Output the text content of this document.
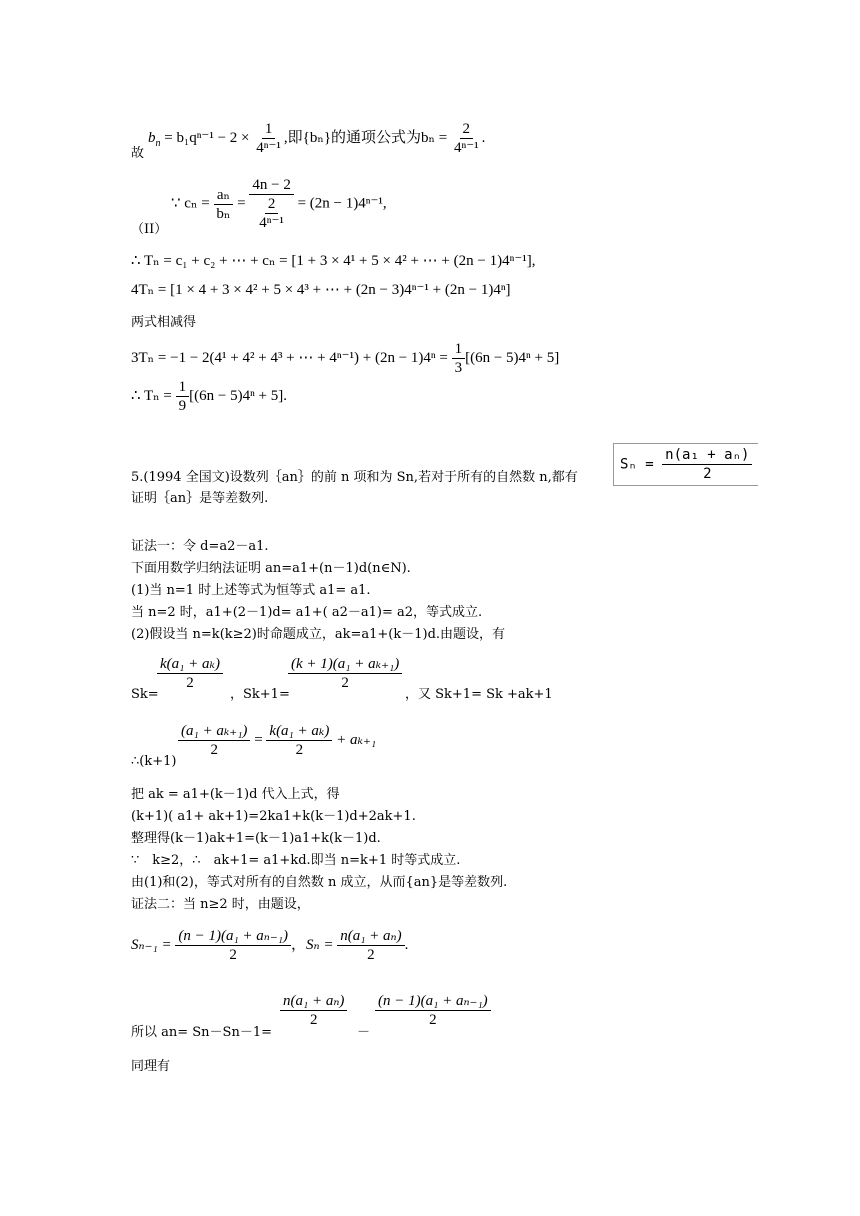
$b_n = b_1q^{n-1} - 2 \times \frac{1}{\text{4ⁿ⁻¹}}$ ,即{bₙ}的通项公式为$b_n = \frac{2}{\text{4ⁿ⁻¹}}$ .
故
∵ $c_n = \frac{\text{aₙ}}{\text{bₙ}} = \frac{4n - 2}{\frac{2}{\text{4ⁿ⁻¹}}} = (2n - 1)4^{n-1}$,
（II）
∴ Tₙ = c₁ + c₂ + ⋯ + cₙ = [1 + 3 × 4¹ + 5 × 4² + ⋯ + (2n − 1)4ⁿ⁻¹],
4Tₙ = [1 × 4 + 3 × 4² + 5 × 4³ + ⋯ + (2n − 3)4ⁿ⁻¹ + (2n − 1)4ⁿ]
两式相减得
3Tₙ = −1 − 2(4¹ + 4² + 4³ + ⋯ + $4^{n-1}) + (2n - 1)4^n = \frac{1}{3} [(6n - 5)4^n + 5]$
∴ $T_n = \frac{1}{9} [(6n - 5)4^n + 5]$.
5.(1994 全国文)设数列｛an｝的前 n 项和为 Sn,若对于所有的自然数 n,都有
$S_n = \frac{\text{n(a₁ + aₙ)}}{2}$
证明｛an｝是等差数列.
证法一：令 d=a2－a1.
下面用数学归纳法证明 an=a1+(n－1)d(n∈N).
(1)当 n=1 时上述等式为恒等式 a1= a1.
当 n=2 时，a1+(2－1)d= a1+( a2－a1)= a2，等式成立.
(2)假设当 n=k(k≥2)时命题成立，ak=a1+(k－1)d.由题设，有
Sk=
$\frac{\text{k(a₁ + aₖ)}}{2}$
，Sk+1=
$\frac{\text{(k + 1)(a₁ + aₖ₊₁)}}{2}$
，又 Sk+1= Sk +ak+1
∴(k+1)
$\frac{\text{(a₁ + aₖ₊₁)}}{2} = \frac{\text{k(a₁ + aₖ)}}{2} + a_{k+1}$
把 ak = a1+(k－1)d 代入上式，得
(k+1)( a1+ ak+1)=2ka1+k(k－1)d+2ak+1.
整理得(k－1)ak+1=(k－1)a1+k(k－1)d.
∵　k≥2，∴　ak+1= a1+kd.即当 n=k+1 时等式成立.
由(1)和(2)，等式对所有的自然数 n 成立，从而{an}是等差数列.
证法二：当 n≥2 时，由题设，
$S_{n-1} = \frac{\text{(n − 1)(a₁ + aₙ₋₁)}}{2}$ ，$S_n = \frac{\text{n(a₁ + aₙ)}}{2}$ .
所以 an= Sn－Sn－1=
$\frac{\text{n(a₁ + aₙ)}}{2}$
－
$\frac{\text{(n − 1)(a₁ + aₙ₋₁)}}{2}$
同理有
